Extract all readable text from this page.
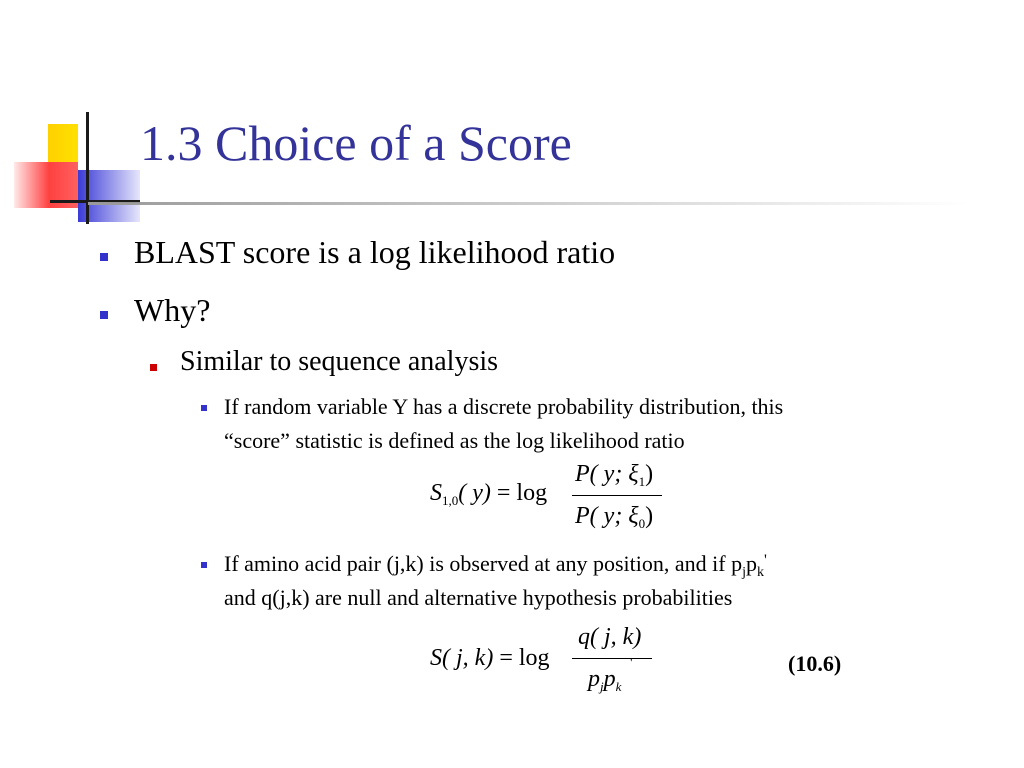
1.3 Choice of a Score
BLAST score is a log likelihood ratio
Why?
Similar to sequence analysis
If random variable Y has a discrete probability distribution, this
“score” statistic is defined as the log likelihood ratio
$S_{1,0}$( y) = log
P( y; $\xi_1$)
P( y; $\xi_0$)
If amino acid pair (j,k) is observed at any position, and if $p_jp_k'$
and q(j,k) are null and alternative hypothesis probabilities
S( j, k) = log
q( j, k)
$p_jp_k$
'	(10.6)
